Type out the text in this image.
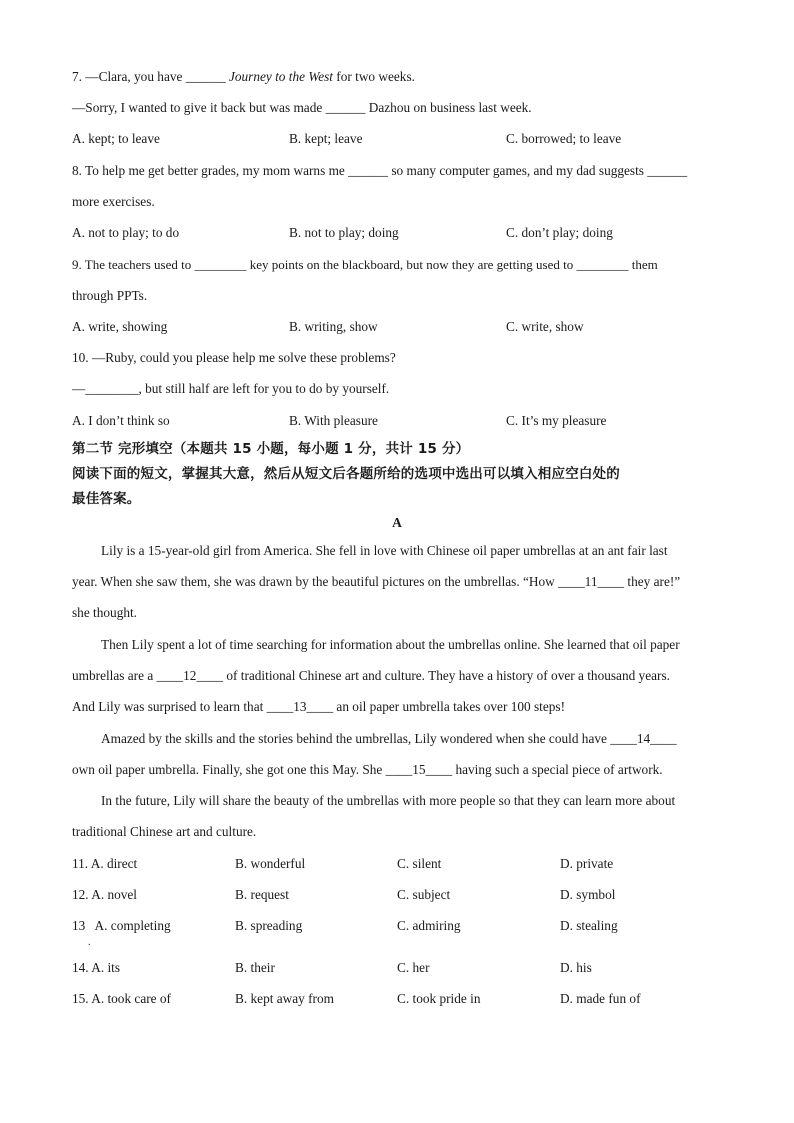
7. —Clara, you have ______ Journey to the West for two weeks.
—Sorry, I wanted to give it back but was made ______ Dazhou on business last week.
A. kept; to leave	B. kept; leave	C. borrowed; to leave
8. To help me get better grades, my mom warns me ______ so many computer games, and my dad suggests ______
more exercises.
A. not to play; to do	B. not to play; doing	C. don’t play; doing
9. The teachers used to ________ key points on the blackboard, but now they are getting used to ________ them
through PPTs.
A. write, showing	B. writing, show	C. write, show
10. —Ruby, could you please help me solve these problems?
—________, but still half are left for you to do by yourself.
A. I don’t think so	B. With pleasure	C. It’s my pleasure
第二节 完形填空（本题共 15 小题，每小题 1 分，共计 15 分）
阅读下面的短文，掌握其大意，然后从短文后各题所给的选项中选出可以填入相应空白处的
最佳答案。
A
Lily is a 15-year-old girl from America. She fell in love with Chinese oil paper umbrellas at an ant fair last
year. When she saw them, she was drawn by the beautiful pictures on the umbrellas. “How ____11____ they are!”
she thought.
Then Lily spent a lot of time searching for information about the umbrellas online. She learned that oil paper
umbrellas are a ____12____ of traditional Chinese art and culture. They have a history of over a thousand years.
And Lily was surprised to learn that ____13____ an oil paper umbrella takes over 100 steps!
Amazed by the skills and the stories behind the umbrellas, Lily wondered when she could have ____14____
own oil paper umbrella. Finally, she got one this May. She ____15____ having such a special piece of artwork.
In the future, Lily will share the beauty of the umbrellas with more people so that they can learn more about
traditional Chinese art and culture.
11. A. direct	B. wonderful	C. silent	D. private
12. A. novel	B. request	C. subject	D. symbol
13   A. completing	B. spreading	C. admiring	D. stealing
.
14. A. its	B. their	C. her	D. his
15. A. took care of	B. kept away from	C. took pride in	D. made fun of
